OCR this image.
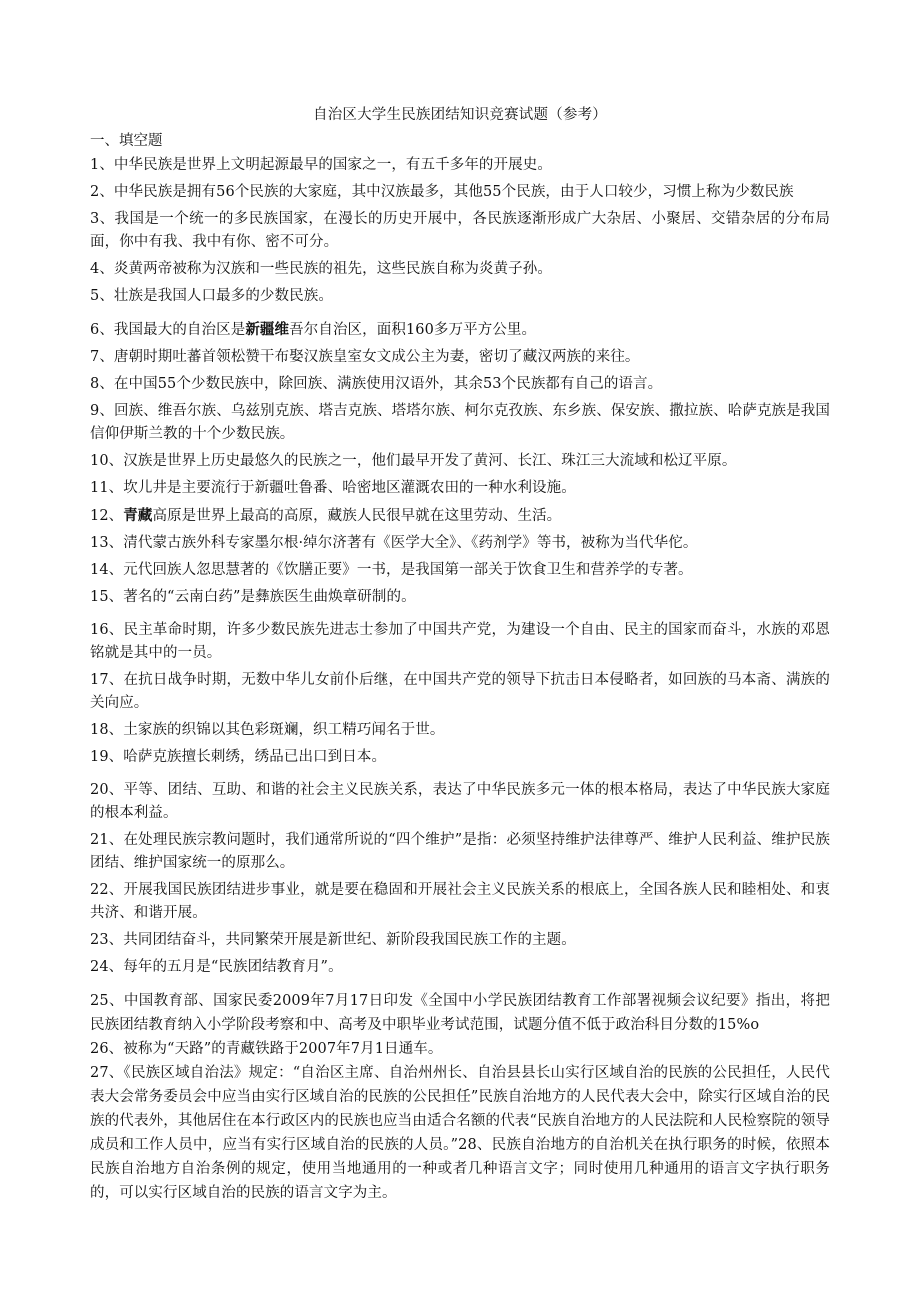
自治区大学生民族团结知识竞赛试题（参考）
一、填空题
1、中华民族是世界上文明起源最早的国家之一，有五千多年的开展史。
2、中华民族是拥有56个民族的大家庭，其中汉族最多，其他55个民族，由于人口较少，习惯上称为少数民族
3、我国是一个统一的多民族国家，在漫长的历史开展中，各民族逐渐形成广大杂居、小聚居、交错杂居的分布局面，你中有我、我中有你、密不可分。
4、炎黄两帝被称为汉族和一些民族的祖先，这些民族自称为炎黄子孙。
5、壮族是我国人口最多的少数民族。
6、我国最大的自治区是新疆维吾尔自治区，面积160多万平方公里。
7、唐朝时期吐蕃首领松赞干布娶汉族皇室女文成公主为妻，密切了藏汉两族的来往。
8、在中国55个少数民族中，除回族、满族使用汉语外，其余53个民族都有自己的语言。
9、回族、维吾尔族、乌兹别克族、塔吉克族、塔塔尔族、柯尔克孜族、东乡族、保安族、撒拉族、哈萨克族是我国信仰伊斯兰教的十个少数民族。
10、汉族是世界上历史最悠久的民族之一，他们最早开发了黄河、长江、珠江三大流域和松辽平原。
11、坎儿井是主要流行于新疆吐鲁番、哈密地区灌溉农田的一种水利设施。
12、青藏高原是世界上最高的高原，藏族人民很早就在这里劳动、生活。
13、清代蒙古族外科专家墨尔根·绰尔济著有《医学大全》、《药剂学》等书，被称为当代华佗。
14、元代回族人忽思慧著的《饮膳正要》一书，是我国第一部关于饮食卫生和营养学的专著。
15、著名的“云南白药”是彝族医生曲焕章研制的。
16、民主革命时期，许多少数民族先进志士参加了中国共产党，为建设一个自由、民主的国家而奋斗，水族的邓恩铭就是其中的一员。
17、在抗日战争时期，无数中华儿女前仆后继，在中国共产党的领导下抗击日本侵略者，如回族的马本斋、满族的关向应。
18、土家族的织锦以其色彩斑斓，织工精巧闻名于世。
19、哈萨克族擅长刺绣，绣品已出口到日本。
20、平等、团结、互助、和谐的社会主义民族关系，表达了中华民族多元一体的根本格局，表达了中华民族大家庭的根本利益。
21、在处理民族宗教问题时，我们通常所说的“四个维护”是指：必须坚持维护法律尊严、维护人民利益、维护民族团结、维护国家统一的原那么。
22、开展我国民族团结进步事业，就是要在稳固和开展社会主义民族关系的根底上，全国各族人民和睦相处、和衷共济、和谐开展。
23、共同团结奋斗，共同繁荣开展是新世纪、新阶段我国民族工作的主题。
24、每年的五月是“民族团结教育月”。
25、中国教育部、国家民委2009年7月17日印发《全国中小学民族团结教育工作部署视频会议纪要》指出，将把民族团结教育纳入小学阶段考察和中、高考及中职毕业考试范围，试题分值不低于政治科目分数的15%o
26、被称为“天路”的青藏铁路于2007年7月1日通车。
27、《民族区域自治法》规定：“自治区主席、自治州州长、自治县县长山实行区域自治的民族的公民担任，人民代表大会常务委员会中应当由实行区域自治的民族的公民担任”民族自治地方的人民代表大会中，除实行区域自治的民族的代表外，其他居住在本行政区内的民族也应当由适合名额的代表“民族自治地方的人民法院和人民检察院的领导成员和工作人员中，应当有实行区域自治的民族的人员。”28、民族自治地方的自治机关在执行职务的时候，依照本民族自治地方自治条例的规定，使用当地通用的一种或者几种语言文字；同时使用几种通用的语言文字执行职务的，可以实行区域自治的民族的语言文字为主。
